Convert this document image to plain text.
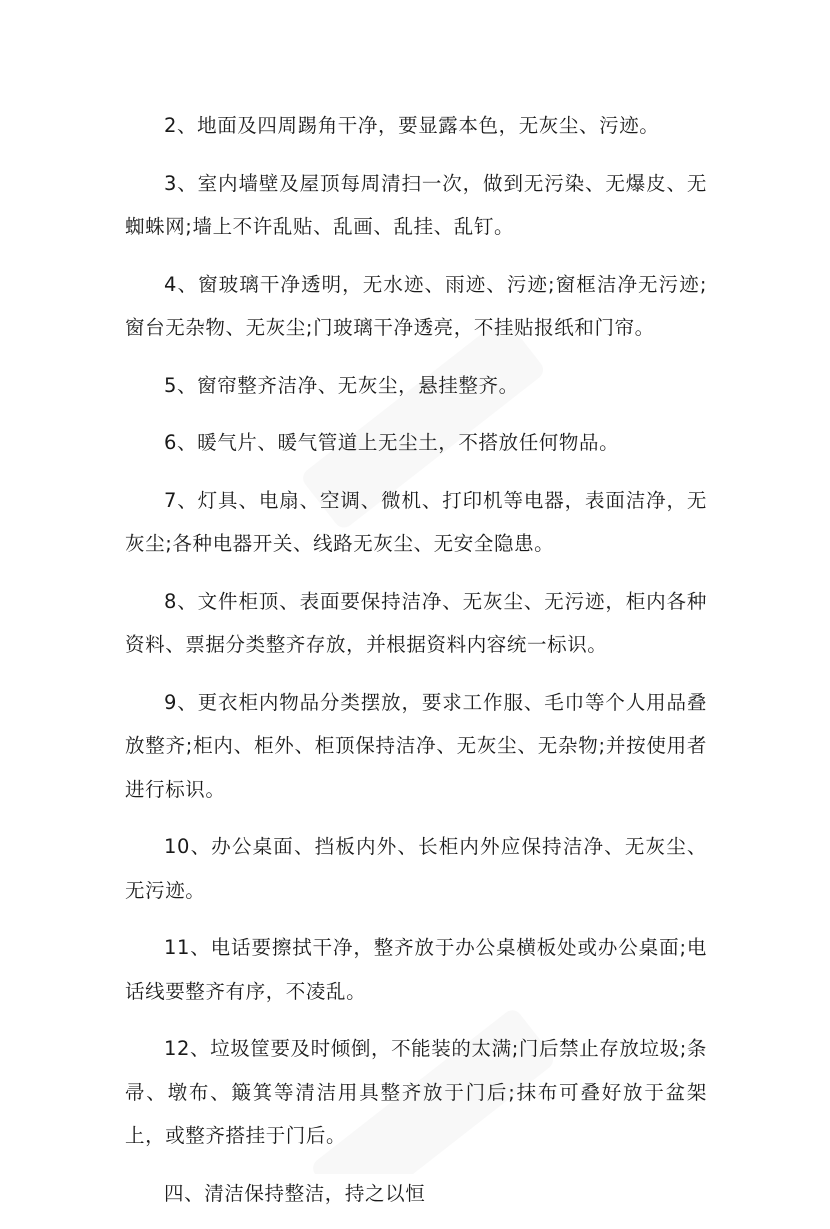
2、地面及四周踢角干净，要显露本色，无灰尘、污迹。

3、室内墙壁及屋顶每周清扫一次，做到无污染、无爆皮、无蜘蛛网;墙上不许乱贴、乱画、乱挂、乱钉。

4、窗玻璃干净透明，无水迹、雨迹、污迹;窗框洁净无污迹;窗台无杂物、无灰尘;门玻璃干净透亮，不挂贴报纸和门帘。

5、窗帘整齐洁净、无灰尘，悬挂整齐。

6、暖气片、暖气管道上无尘土，不搭放任何物品。

7、灯具、电扇、空调、微机、打印机等电器，表面洁净，无灰尘;各种电器开关、线路无灰尘、无安全隐患。

8、文件柜顶、表面要保持洁净、无灰尘、无污迹，柜内各种资料、票据分类整齐存放，并根据资料内容统一标识。

9、更衣柜内物品分类摆放，要求工作服、毛巾等个人用品叠放整齐;柜内、柜外、柜顶保持洁净、无灰尘、无杂物;并按使用者进行标识。

10、办公桌面、挡板内外、长柜内外应保持洁净、无灰尘、无污迹。

11、电话要擦拭干净，整齐放于办公桌横板处或办公桌面;电话线要整齐有序，不凌乱。

12、垃圾筐要及时倾倒，不能装的太满;门后禁止存放垃圾;条帚、墩布、簸箕等清洁用具整齐放于门后;抹布可叠好放于盆架上，或整齐搭挂于门后。

四、清洁保持整洁，持之以恒
